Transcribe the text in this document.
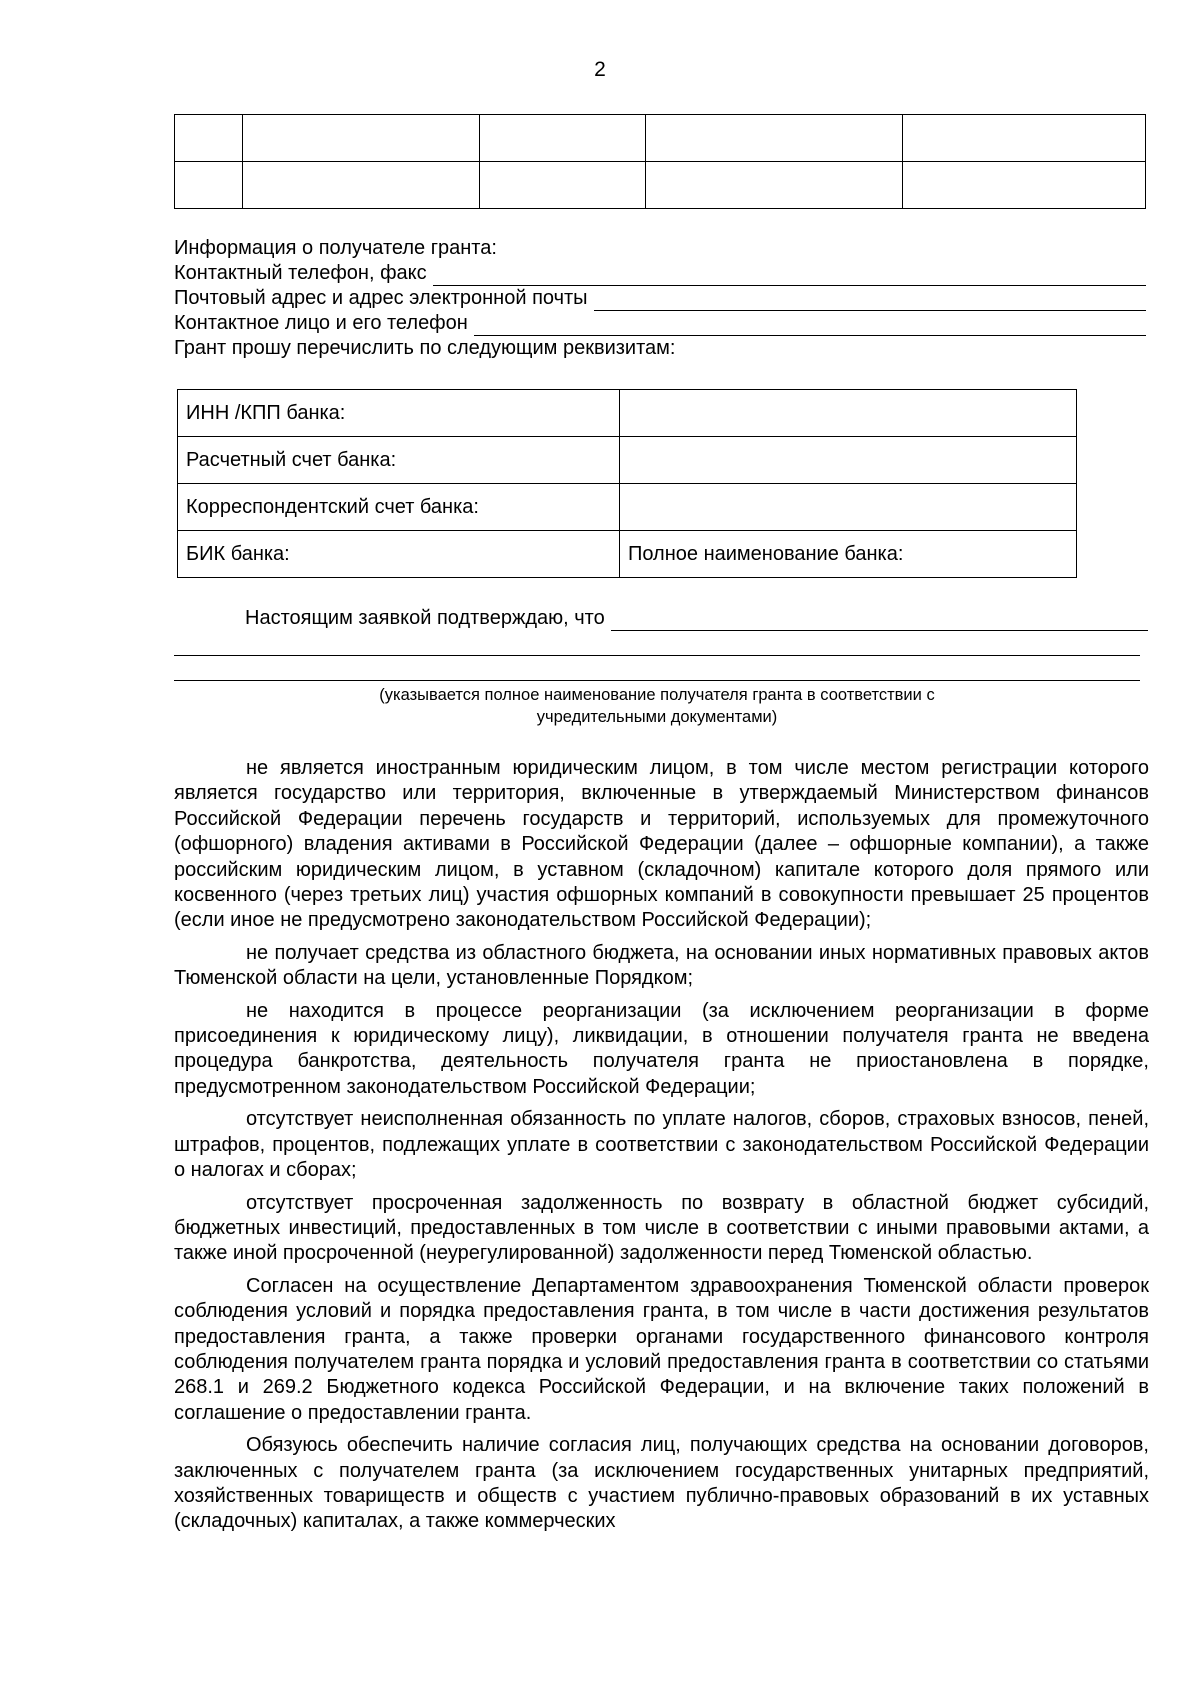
2

Информация о получателе гранта:
Контактный телефон, факс
Почтовый адрес и адрес электронной почты
Контактное лицо и его телефон
Грант прошу перечислить по следующим реквизитам:
ИНН /КПП банка:	
Расчетный счет банка:	
Корреспондентский счет банка:	
БИК банка:	Полное наименование банка:
Настоящим заявкой подтверждаю, что
(указывается полное наименование получателя гранта в соответствии с
учредительными документами)

не является иностранным юридическим лицом, в том числе местом регистрации которого является государство или территория, включенные в утверждаемый Министерством финансов Российской Федерации перечень государств и территорий, используемых для промежуточного (офшорного) владения активами в Российской Федерации (далее – офшорные компании), а также российским юридическим лицом, в уставном (складочном) капитале которого доля прямого или косвенного (через третьих лиц) участия офшорных компаний в совокупности превышает 25 процентов (если иное не предусмотрено законодательством Российской Федерации);

не получает средства из областного бюджета, на основании иных нормативных правовых актов Тюменской области на цели, установленные Порядком;

не находится в процессе реорганизации (за исключением реорганизации в форме присоединения к юридическому лицу), ликвидации, в отношении получателя гранта не введена процедура банкротства, деятельность получателя гранта не приостановлена в порядке, предусмотренном законодательством Российской Федерации;

отсутствует неисполненная обязанность по уплате налогов, сборов, страховых взносов, пеней, штрафов, процентов, подлежащих уплате в соответствии с законодательством Российской Федерации о налогах и сборах;

отсутствует просроченная задолженность по возврату в областной бюджет субсидий, бюджетных инвестиций, предоставленных в том числе в соответствии с иными правовыми актами, а также иной просроченной (неурегулированной) задолженности перед Тюменской областью.

Согласен на осуществление Департаментом здравоохранения Тюменской области проверок соблюдения условий и порядка предоставления гранта, в том числе в части достижения результатов предоставления гранта, а также проверки органами государственного финансового контроля соблюдения получателем гранта порядка и условий предоставления гранта в соответствии со статьями 268.1 и 269.2 Бюджетного кодекса Российской Федерации, и на включение таких положений в соглашение о предоставлении гранта.

Обязуюсь обеспечить наличие согласия лиц, получающих средства на основании договоров, заключенных с получателем гранта (за исключением государственных унитарных предприятий, хозяйственных товариществ и обществ с участием публично-правовых образований в их уставных (складочных) капиталах, а также коммерческих
